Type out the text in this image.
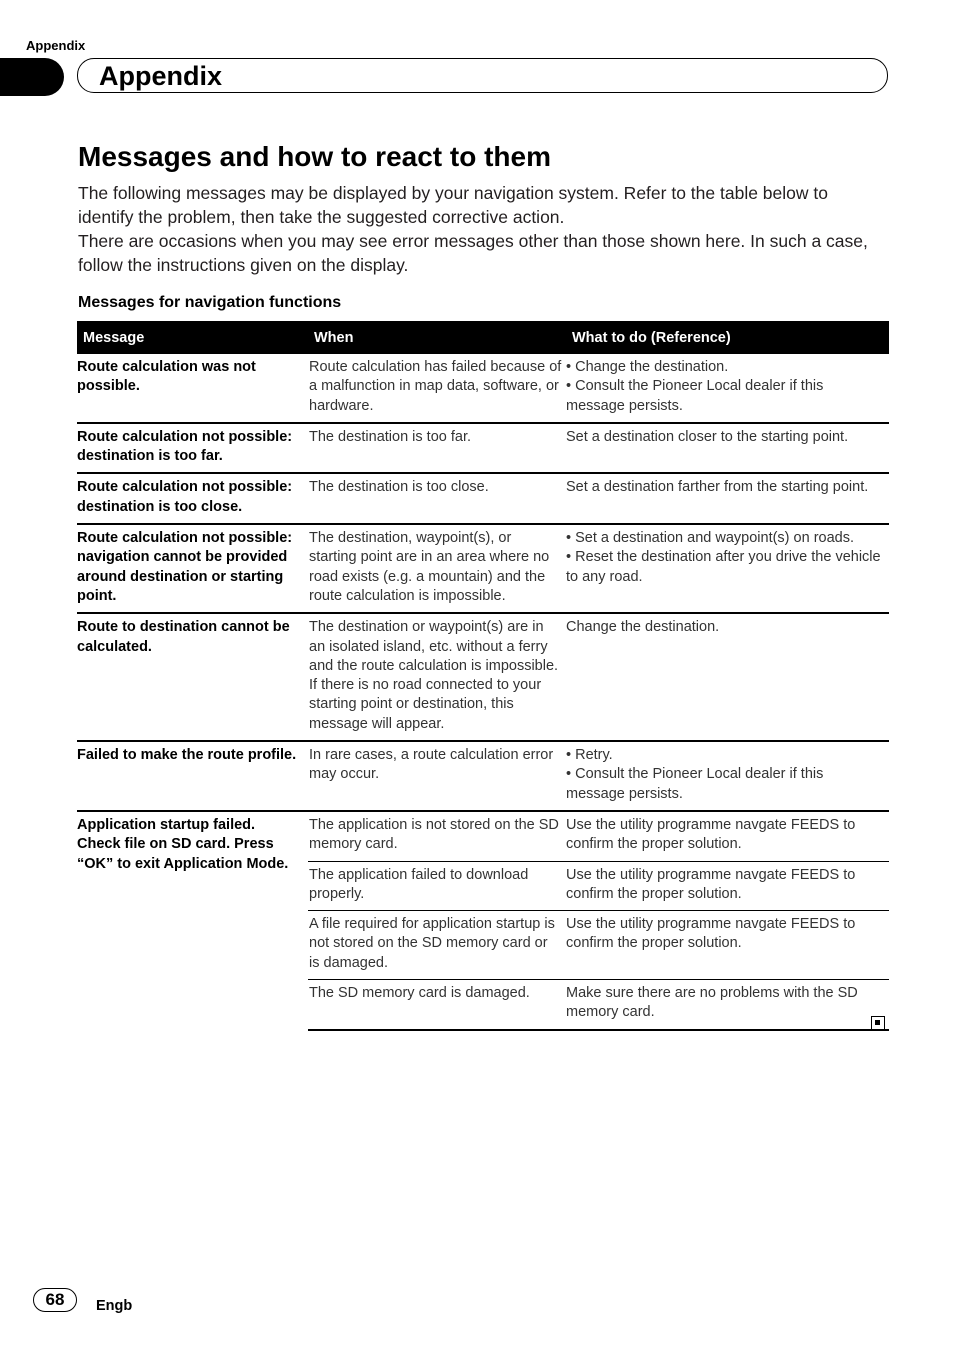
Appendix
Appendix
Messages and how to react to them

The following messages may be displayed by your navigation system. Refer to the table below to identify the problem, then take the suggested corrective action.

There are occasions when you may see error messages other than those shown here. In such a case, follow the instructions given on the display.

Messages for navigation functions
Message	When	What to do (Reference)
Route calculation was not possible.	Route calculation has failed because of a malfunction in map data, software, or hardware.	• Change the destination.
• Consult the Pioneer Local dealer if this message persists.

Route calculation not possible: destination is too far.	The destination is too far.	Set a destination closer to the starting point.

Route calculation not possible: destination is too close.	The destination is too close.	Set a destination farther from the starting point.

Route calculation not possible: navigation cannot be provided around destination or starting point.	The destination, waypoint(s), or starting point are in an area where no road exists (e.g. a mountain) and the route calculation is impossible.	• Set a destination and waypoint(s) on roads.
• Reset the destination after you drive the vehicle to any road.

Route to destination cannot be calculated.	The destination or waypoint(s) are in an isolated island, etc. without a ferry and the route calculation is impossible. If there is no road connected to your starting point or destination, this message will appear.	Change the destination.

Failed to make the route profile.	In rare cases, a route calculation error may occur.	• Retry.
• Consult the Pioneer Local dealer if this message persists.

Application startup failed. Check file on SD card. Press “OK” to exit Application Mode.	The application is not stored on the SD memory card.	Use the utility programme navgate FEEDS to confirm the proper solution.
	The application failed to download properly.	Use the utility programme navgate FEEDS to confirm the proper solution.
	A file required for application startup is not stored on the SD memory card or is damaged.	Use the utility programme navgate FEEDS to confirm the proper solution.
	The SD memory card is damaged.	Make sure there are no problems with the SD memory card.
68	Engb
